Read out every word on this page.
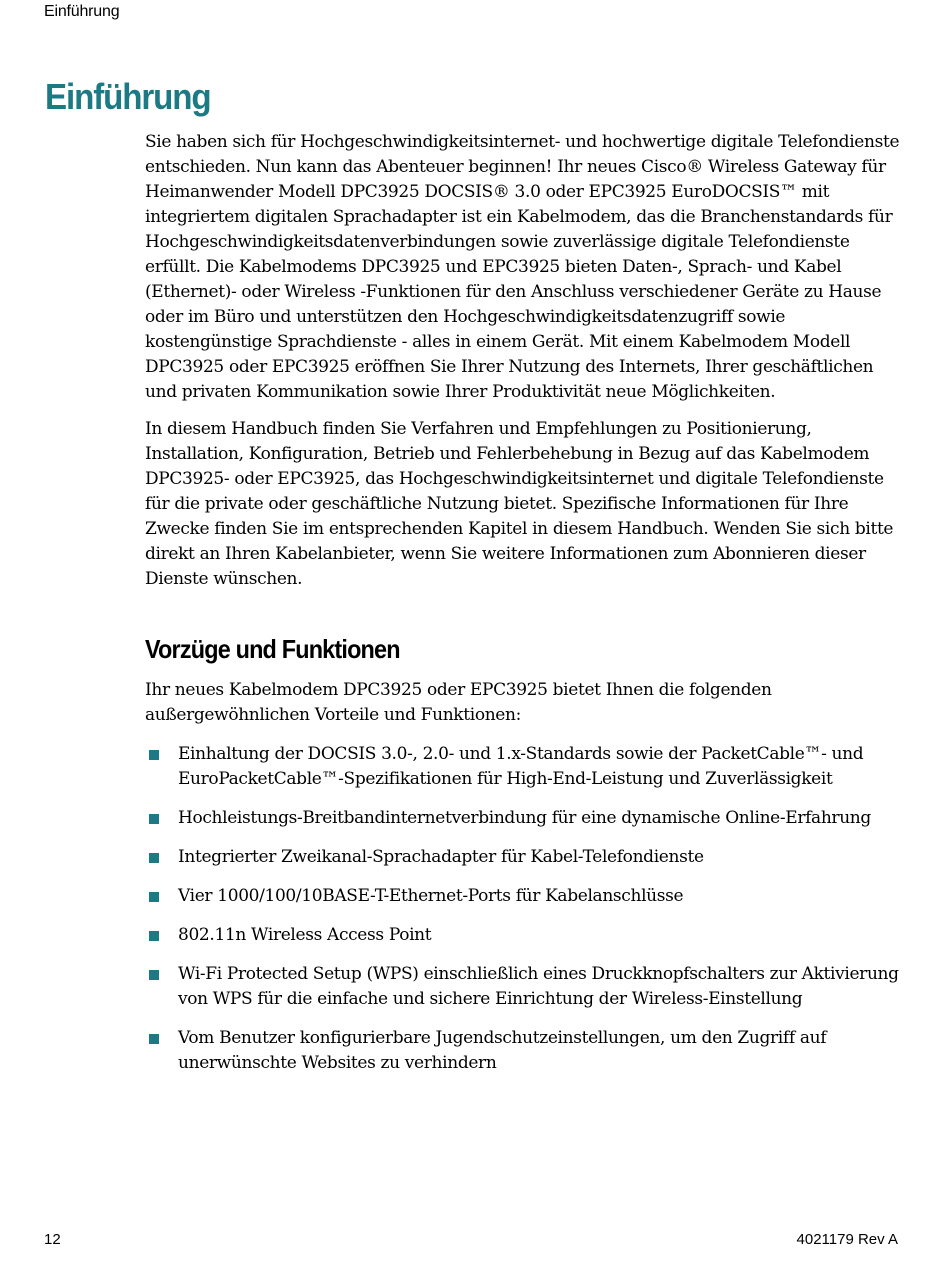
Einführung
Einführung

Sie haben sich für Hochgeschwindigkeitsinternet- und hochwertige digitale Telefondienste entschieden. Nun kann das Abenteuer beginnen! Ihr neues Cisco® Wireless Gateway für Heimanwender Modell DPC3925 DOCSIS® 3.0 oder EPC3925 EuroDOCSIS™ mit integriertem digitalen Sprachadapter ist ein Kabelmodem, das die Branchenstandards für Hochgeschwindigkeitsdatenverbindungen sowie zuverlässige digitale Telefondienste erfüllt. Die Kabelmodems DPC3925 und EPC3925 bieten Daten-, Sprach- und Kabel (Ethernet)- oder Wireless -Funktionen für den Anschluss verschiedener Geräte zu Hause oder im Büro und unterstützen den Hochgeschwindigkeitsdatenzugriff sowie kostengünstige Sprachdienste - alles in einem Gerät. Mit einem Kabelmodem Modell DPC3925 oder EPC3925 eröffnen Sie Ihrer Nutzung des Internets, Ihrer geschäftlichen und privaten Kommunikation sowie Ihrer Produktivität neue Möglichkeiten.

In diesem Handbuch finden Sie Verfahren und Empfehlungen zu Positionierung, Installation, Konfiguration, Betrieb und Fehlerbehebung in Bezug auf das Kabelmodem DPC3925- oder EPC3925, das Hochgeschwindigkeitsinternet und digitale Telefondienste für die private oder geschäftliche Nutzung bietet. Spezifische Informationen für Ihre Zwecke finden Sie im entsprechenden Kapitel in diesem Handbuch. Wenden Sie sich bitte direkt an Ihren Kabelanbieter, wenn Sie weitere Informationen zum Abonnieren dieser Dienste wünschen.

Vorzüge und Funktionen

Ihr neues Kabelmodem DPC3925 oder EPC3925 bietet Ihnen die folgenden außergewöhnlichen Vorteile und Funktionen:

Einhaltung der DOCSIS 3.0-, 2.0- und 1.x-Standards sowie der PacketCable™- und EuroPacketCable™-Spezifikationen für High-End-Leistung und Zuverlässigkeit
Hochleistungs-Breitbandinternetverbindung für eine dynamische Online-Erfahrung
Integrierter Zweikanal-Sprachadapter für Kabel-Telefondienste
Vier 1000/100/10BASE-T-Ethernet-Ports für Kabelanschlüsse
802.11n Wireless Access Point
Wi-Fi Protected Setup (WPS) einschließlich eines Druckknopfschalters zur Aktivierung von WPS für die einfache und sichere Einrichtung der Wireless-Einstellung
Vom Benutzer konfigurierbare Jugendschutzeinstellungen, um den Zugriff auf unerwünschte Websites zu verhindern
12	4021179 Rev A
